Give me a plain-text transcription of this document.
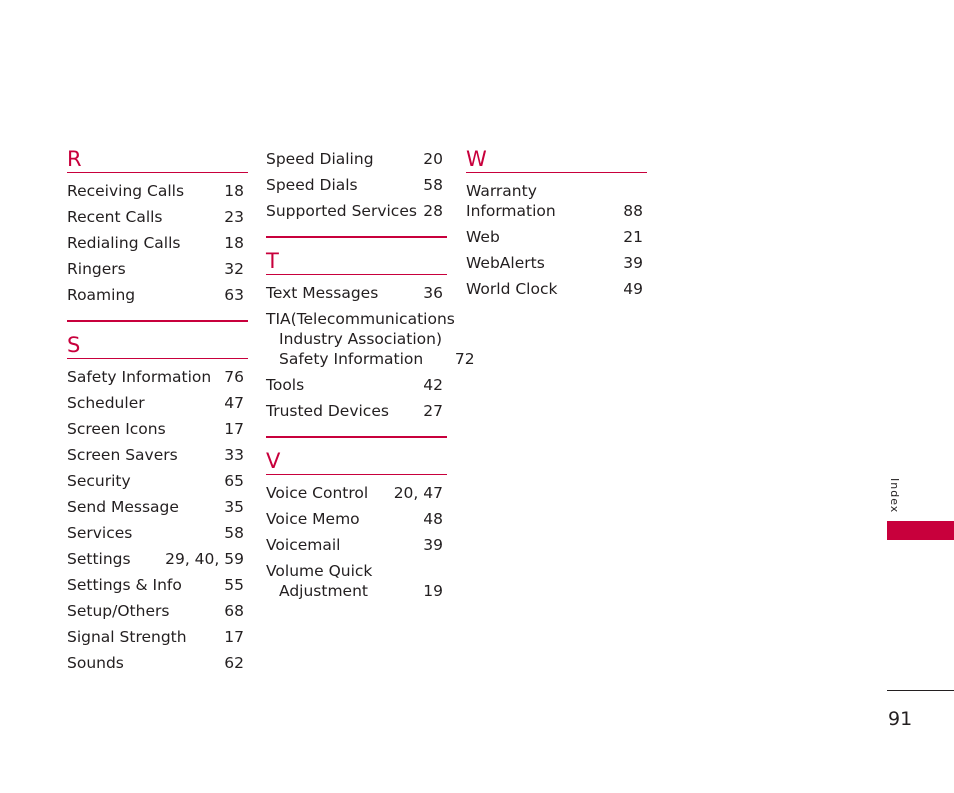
R
Receiving Calls	18
Recent Calls	23
Redialing Calls	18
Ringers	32
Roaming	63
S
Safety Information 76
Scheduler	47
Screen Icons	17
Screen Savers	33
Security	65
Send Message	35
Services	58
Settings 29, 40, 59
Settings & Info	55
Setup/Others	68
Signal Strength 17
Sounds	62
Speed Dialing	20
Speed Dials	58
Supported Services 28
T
Text Messages	36
TIA(Telecommunications
Industry Association)
Safety Information	72
Tools	42
Trusted Devices 27
V
Voice Control 20, 47
Voice Memo	48
Voicemail	39
Volume Quick
Adjustment	19
W
Warranty Information	88
Web	21
WebAlerts	39
World Clock	49
Index
91
